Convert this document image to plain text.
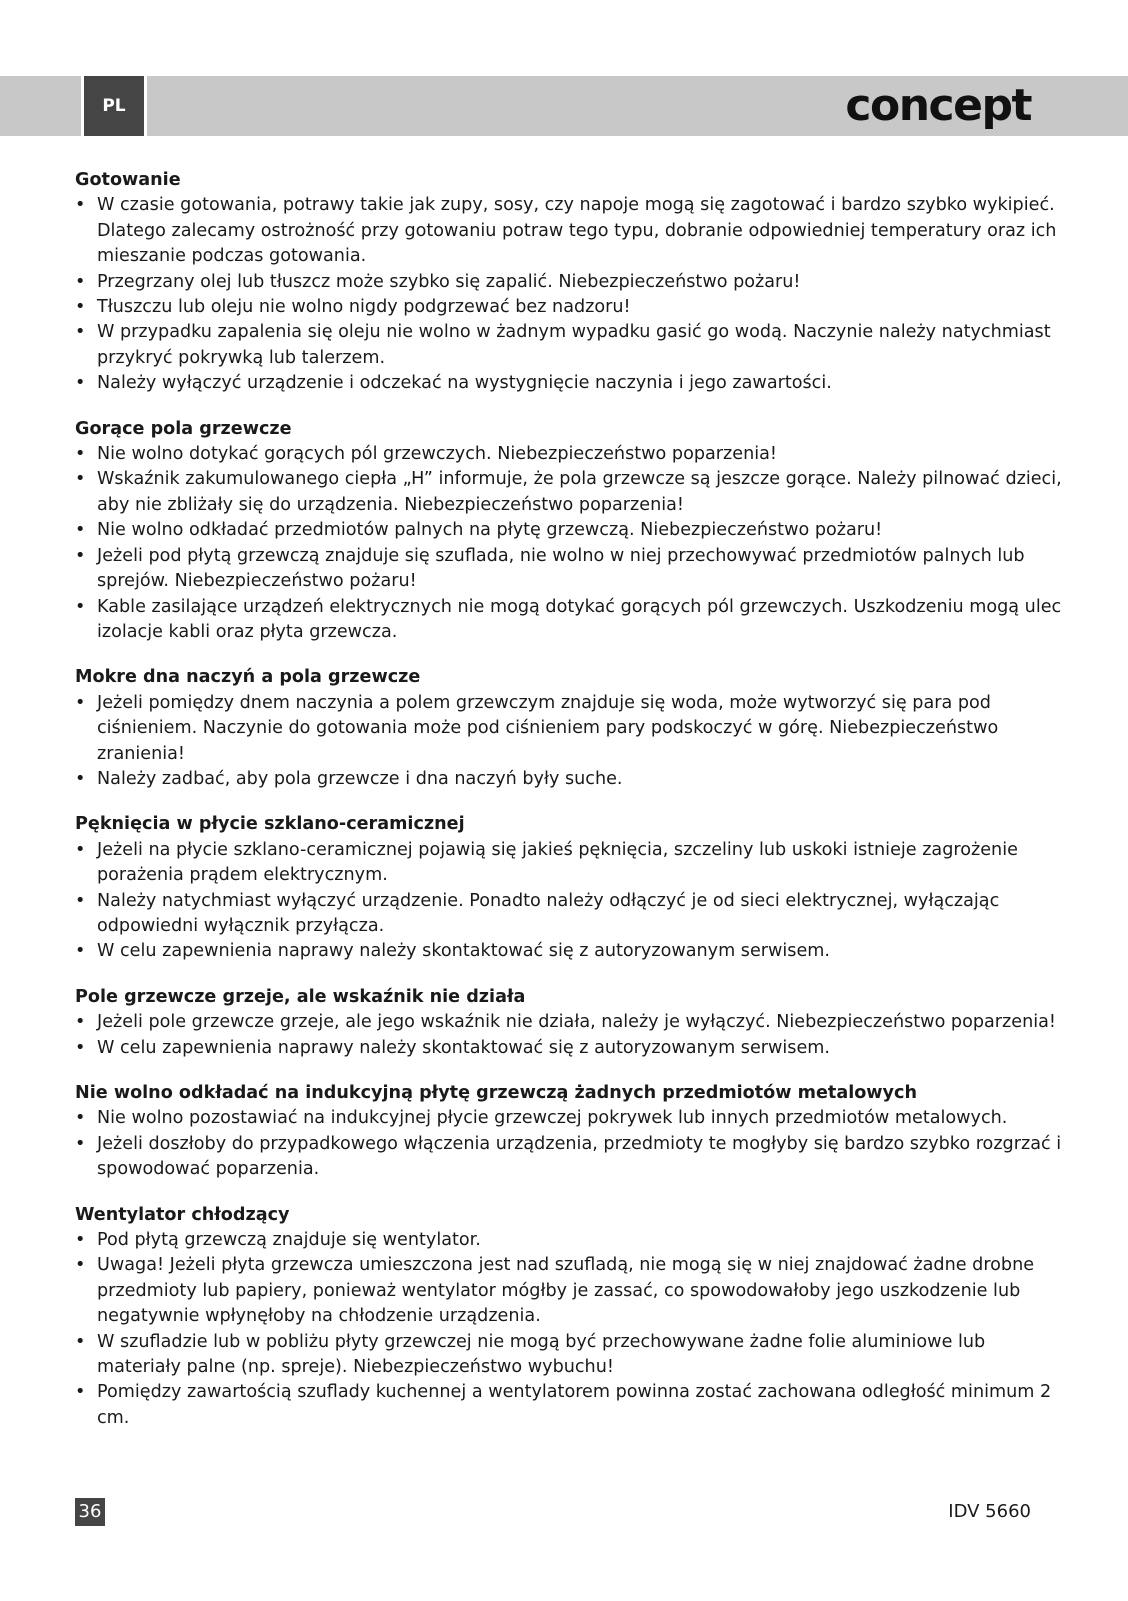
PL	concept

Gotowanie

• W czasie gotowania, potrawy takie jak zupy, sosy, czy napoje mogą się zagotować i bardzo szybko wykipieć. Dlatego zalecamy ostrożność przy gotowaniu potraw tego typu, dobranie odpowiedniej temperatury oraz ich mieszanie podczas gotowania.
• Przegrzany olej lub tłuszcz może szybko się zapalić. Niebezpieczeństwo pożaru!
• Tłuszczu lub oleju nie wolno nigdy podgrzewać bez nadzoru!
• W przypadku zapalenia się oleju nie wolno w żadnym wypadku gasić go wodą. Naczynie należy natychmiast przykryć pokrywką lub talerzem.
• Należy wyłączyć urządzenie i odczekać na wystygnięcie naczynia i jego zawartości.

Gorące pola grzewcze

• Nie wolno dotykać gorących pól grzewczych. Niebezpieczeństwo poparzenia!
• Wskaźnik zakumulowanego ciepła „H” informuje, że pola grzewcze są jeszcze gorące. Należy pilnować dzieci, aby nie zbliżały się do urządzenia. Niebezpieczeństwo poparzenia!
• Nie wolno odkładać przedmiotów palnych na płytę grzewczą. Niebezpieczeństwo pożaru!
• Jeżeli pod płytą grzewczą znajduje się szuflada, nie wolno w niej przechowywać przedmiotów palnych lub sprejów. Niebezpieczeństwo pożaru!
• Kable zasilające urządzeń elektrycznych nie mogą dotykać gorących pól grzewczych. Uszkodzeniu mogą ulec izolacje kabli oraz płyta grzewcza.

Mokre dna naczyń a pola grzewcze

• Jeżeli pomiędzy dnem naczynia a polem grzewczym znajduje się woda, może wytworzyć się para pod ciśnieniem. Naczynie do gotowania może pod ciśnieniem pary podskoczyć w górę. Niebezpieczeństwo zranienia!
• Należy zadbać, aby pola grzewcze i dna naczyń były suche.

Pęknięcia w płycie szklano-ceramicznej

• Jeżeli na płycie szklano-ceramicznej pojawią się jakieś pęknięcia, szczeliny lub uskoki istnieje zagrożenie porażenia prądem elektrycznym.
• Należy natychmiast wyłączyć urządzenie. Ponadto należy odłączyć je od sieci elektrycznej, wyłączając odpowiedni wyłącznik przyłącza.
• W celu zapewnienia naprawy należy skontaktować się z autoryzowanym serwisem.

Pole grzewcze grzeje, ale wskaźnik nie działa

• Jeżeli pole grzewcze grzeje, ale jego wskaźnik nie działa, należy je wyłączyć. Niebezpieczeństwo poparzenia!
• W celu zapewnienia naprawy należy skontaktować się z autoryzowanym serwisem.

Nie wolno odkładać na indukcyjną płytę grzewczą żadnych przedmiotów metalowych

• Nie wolno pozostawiać na indukcyjnej płycie grzewczej pokrywek lub innych przedmiotów metalowych.
• Jeżeli doszłoby do przypadkowego włączenia urządzenia, przedmioty te mogłyby się bardzo szybko rozgrzać i spowodować poparzenia.

Wentylator chłodzący

• Pod płytą grzewczą znajduje się wentylator.
• Uwaga! Jeżeli płyta grzewcza umieszczona jest nad szufladą, nie mogą się w niej znajdować żadne drobne przedmioty lub papiery, ponieważ wentylator mógłby je zassać, co spowodowałoby jego uszkodzenie lub negatywnie wpłynęłoby na chłodzenie urządzenia.
• W szufladzie lub w pobliżu płyty grzewczej nie mogą być przechowywane żadne folie aluminiowe lub materiały palne (np. spreje). Niebezpieczeństwo wybuchu!
• Pomiędzy zawartością szuflady kuchennej a wentylatorem powinna zostać zachowana odległość minimum 2 cm.
36	IDV 5660
